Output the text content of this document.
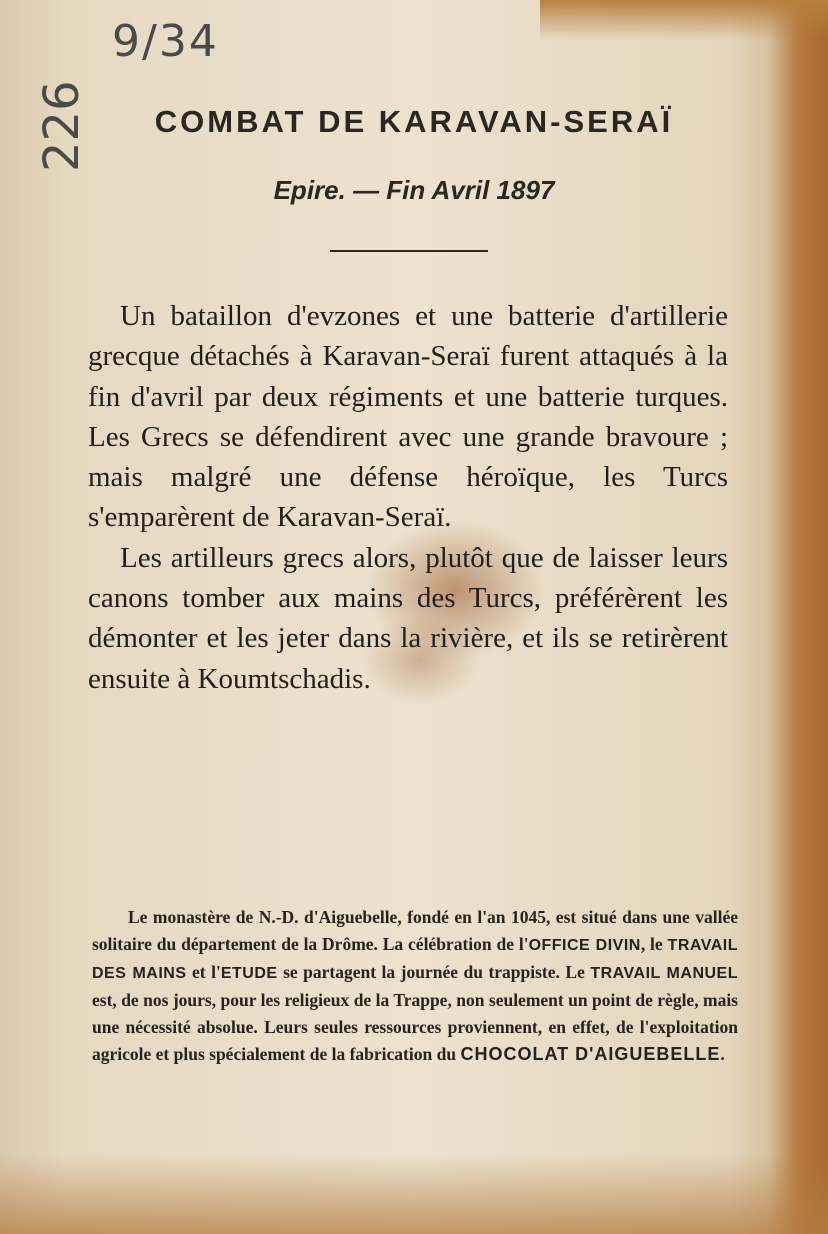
9/34
226	COMBAT DE KARAVAN-SERAÏ
Epire. — Fin Avril 1897

Un bataillon d'evzones et une batterie d'artillerie grecque détachés à Karavan-Seraï furent attaqués à la fin d'avril par deux régiments et une batterie turques. Les Grecs se défendirent avec une grande bravoure ; mais malgré une défense héroïque, les Turcs s'emparèrent de Karavan-Seraï.

Les artilleurs grecs alors, plutôt que de laisser leurs canons tomber aux mains des Turcs, préférèrent les démonter et les jeter dans la rivière, et ils se retirèrent ensuite à Koumtschadis.

Le monastère de N.-D. d'Aiguebelle, fondé en l'an 1045, est situé dans une vallée solitaire du département de la Drôme. La célébration de l'OFFICE DIVIN, le TRAVAIL DES MAINS et l'ETUDE se partagent la journée du trappiste. Le TRAVAIL MANUEL est, de nos jours, pour les religieux de la Trappe, non seulement un point de règle, mais une nécessité absolue. Leurs seules ressources proviennent, en effet, de l'exploitation agricole et plus spécialement de la fabrication du CHOCOLAT D'AIGUEBELLE.
